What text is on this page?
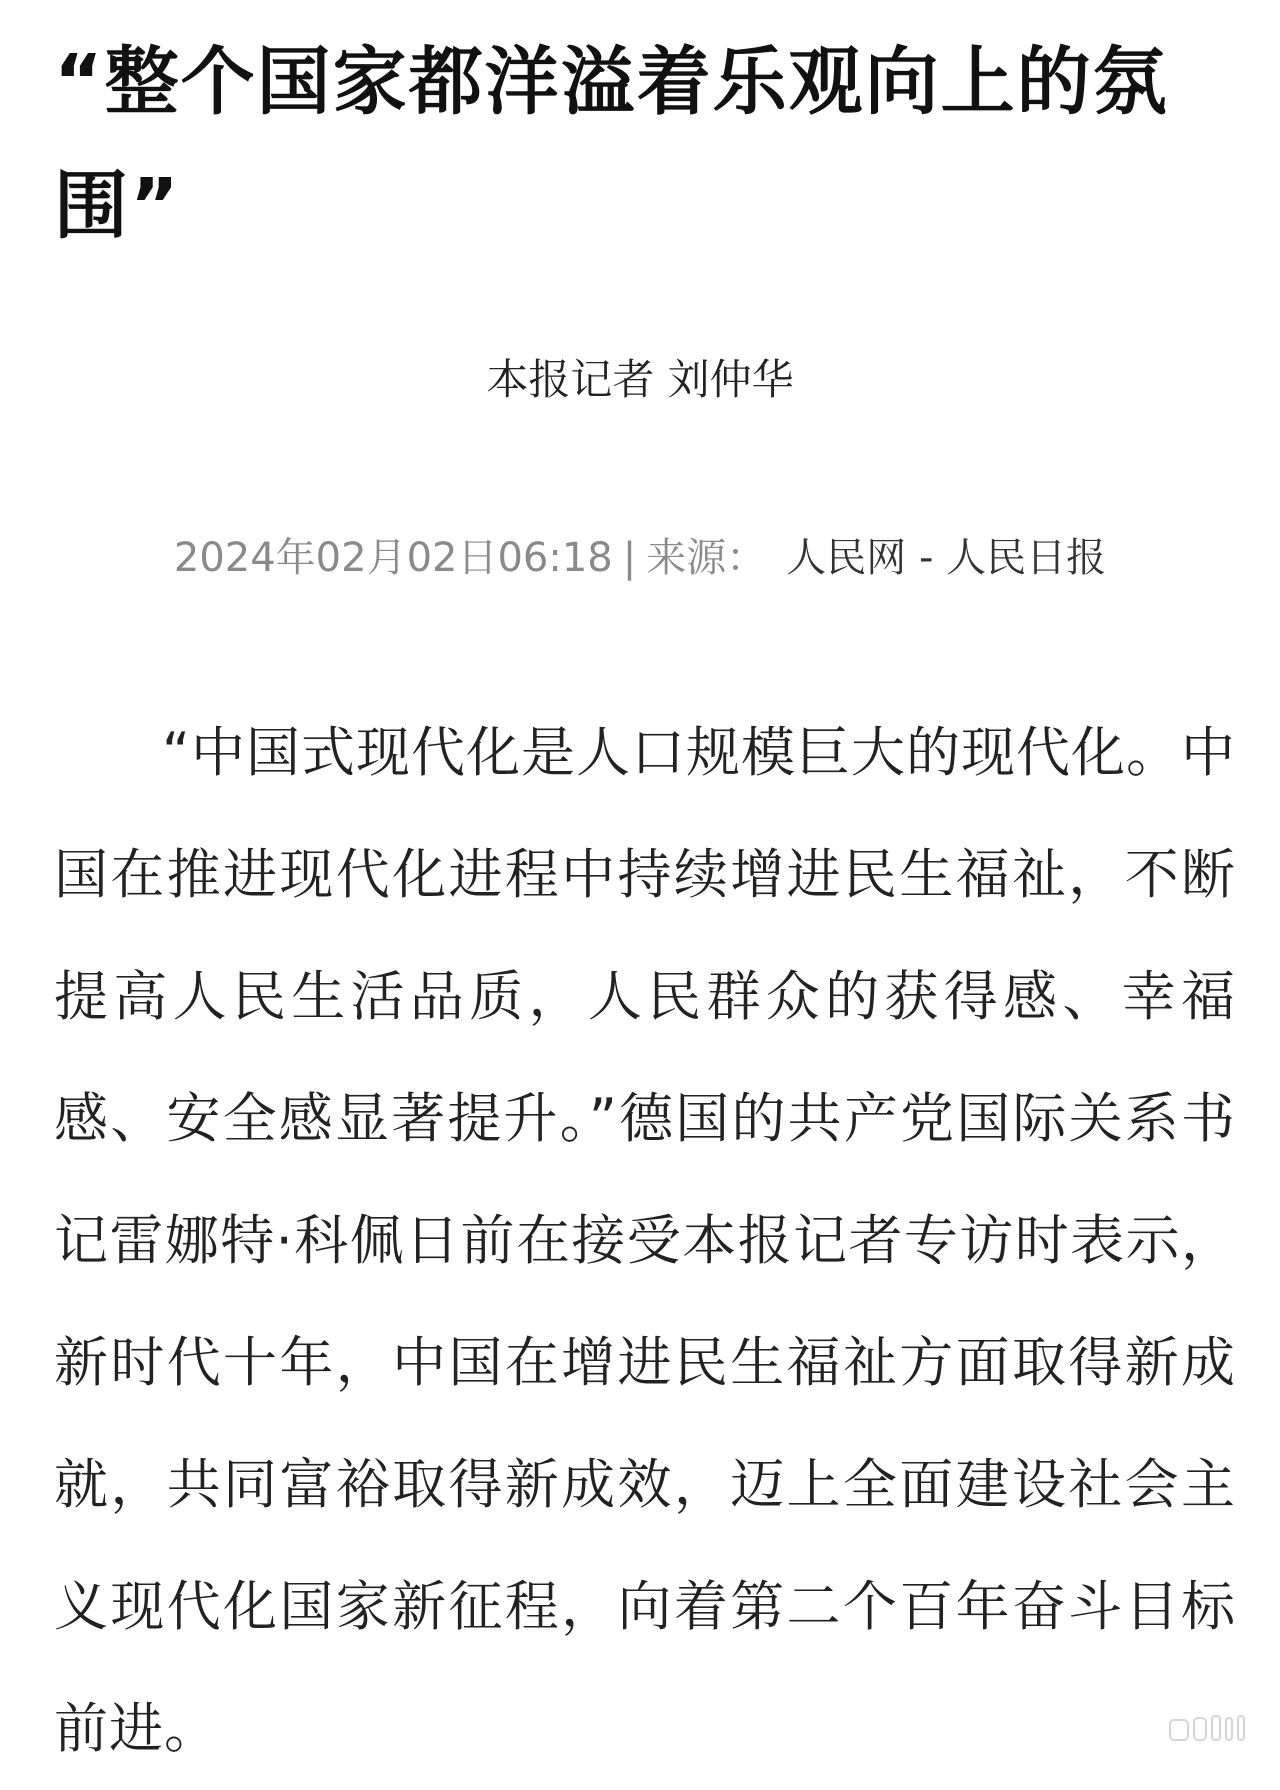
“整个国家都洋溢着乐观向上的氛围”
本报记者 刘仲华
2024年02月02日06:18 | 来源： 人民网 - 人民日报

“中国式现代化是人口规模巨大的现代化。中国在推进现代化进程中持续增进民生福祉，不断提高人民生活品质，人民群众的获得感、幸福感、安全感显著提升。”德国的共产党国际关系书记雷娜特·科佩日前在接受本报记者专访时表示，新时代十年，中国在增进民生福祉方面取得新成就，共同富裕取得新成效，迈上全面建设社会主义现代化国家新征程，向着第二个百年奋斗目标前进。
